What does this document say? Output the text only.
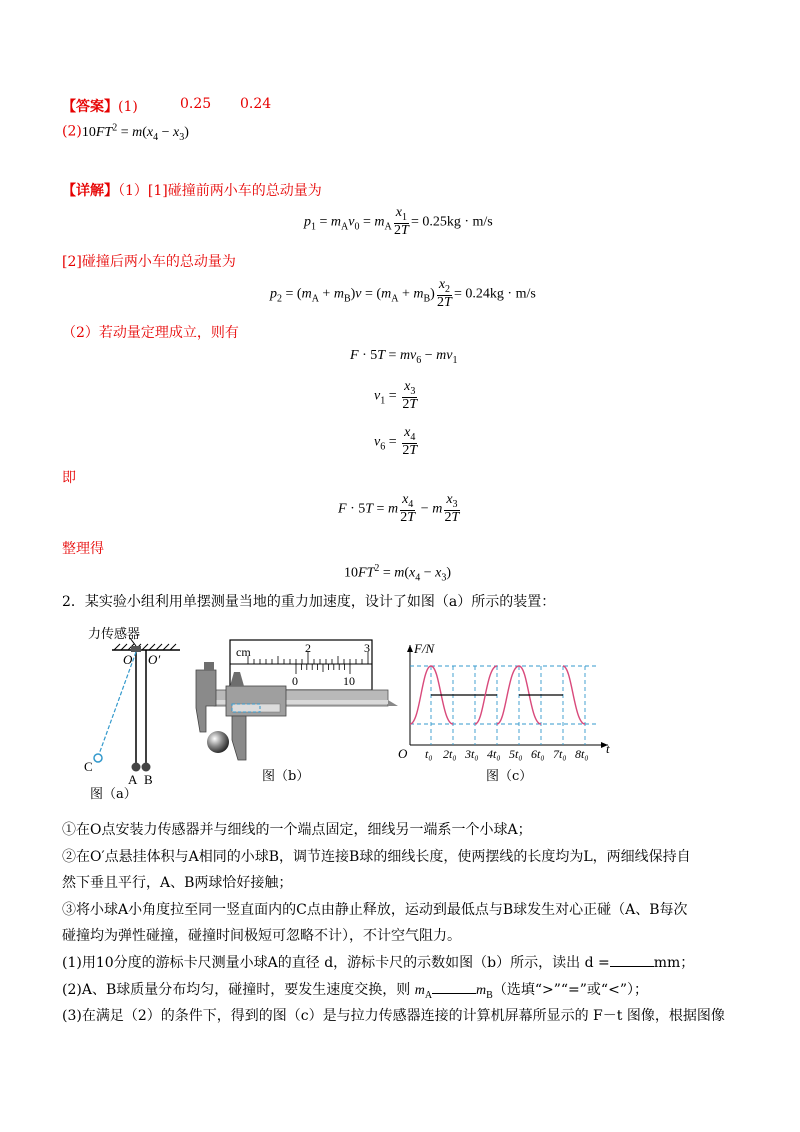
【答案】(1)	0.25 0.24
$(2)10FT^2 = m(x_4 - x_3)$
【详解】（1）[1]碰撞前两小车的总动量为
$p_1 = m_Av_0 = m_A \frac{x_1}{2T} = 0.25kg \cdot m/s$
[2]碰撞后两小车的总动量为
$p_2 = (m_A + m_B)v = (m_A + m_B) \frac{x_2}{2T} = 0.24kg \cdot m/s$
（2）若动量定理成立，则有
$F \cdot 5T = mv_6 - mv_1$
$v_1 = \frac{x_3}{2T}$
$v_6 = \frac{x_4}{2T}$
即
F · 5T = m $\frac{x_4}{2T} - m \frac{x_3}{2T}$
整理得
$10FT^2 = m(x_4 - x_3)$
2．某实验小组利用单摆测量当地的重力加速度，设计了如图（a）所示的装置：
力传感器
O O′
C
A B
图（a）
cm	2	3
0	10
图（b）
F/N
O	t
t₀ 2t₀ 3t₀ 4t₀ 5t₀ 6t₀ 7t₀ 8t₀
图（c）
①在O点安装力传感器并与细线的一个端点固定，细线另一端系一个小球A；
②在O′点悬挂体积与A相同的小球B，调节连接B球的细线长度，使两摆线的长度均为L，两细线保持自
然下垂且平行，A、B两球恰好接触；
③将小球A小角度拉至同一竖直面内的C点由静止释放，运动到最低点与B球发生对心正碰（A、B每次
碰撞均为弹性碰撞，碰撞时间极短可忽略不计），不计空气阻力。
(1)用10分度的游标卡尺测量小球A的直径 d，游标卡尺的示数如图（b）所示，读出 d =	mm；
(2)A、B球质量分布均匀，碰撞时，要发生速度交换，则 $m_A$	$m_B$（选填“>”“=”或“<”）；
(3)在满足（2）的条件下，得到的图（c）是与拉力传感器连接的计算机屏幕所显示的 F－t 图像，根据图像
